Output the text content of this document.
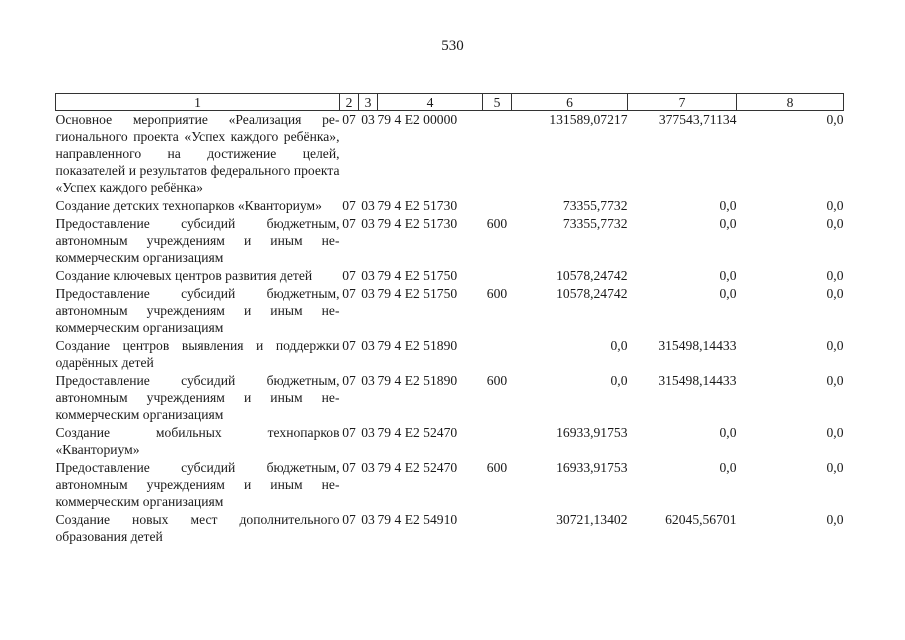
530
1	2	3	4	5	6	7	8
Основное мероприятие «Реализация регионального проекта «Успех каждого ребёнка», направленного на достижение целей, показателей и результатов федерального проекта «Успех каждого ребёнка»	07	03	79 4 E2 00000		131589,07217	377543,71134	0,0
Создание детских технопарков «Кванториум»	07	03	79 4 E2 51730		73355,7732	0,0	0,0
Предоставление субсидий бюджетным, автономным учреждениям и иным некоммерческим организациям	07	03	79 4 E2 51730	600	73355,7732	0,0	0,0
Создание ключевых центров развития детей	07	03	79 4 E2 51750		10578,24742	0,0	0,0
Предоставление субсидий бюджетным, автономным учреждениям и иным некоммерческим организациям	07	03	79 4 E2 51750	600	10578,24742	0,0	0,0
Создание центров выявления и поддержки одарённых детей	07	03	79 4 E2 51890		0,0	315498,14433	0,0
Предоставление субсидий бюджетным, автономным учреждениям и иным некоммерческим организациям	07	03	79 4 E2 51890	600	0,0	315498,14433	0,0
Создание мобильных технопарков «Кванториум»	07	03	79 4 E2 52470		16933,91753	0,0	0,0
Предоставление субсидий бюджетным, автономным учреждениям и иным некоммерческим организациям	07	03	79 4 E2 52470	600	16933,91753	0,0	0,0
Создание новых мест дополнительного образования детей	07	03	79 4 E2 54910		30721,13402	62045,56701	0,0
